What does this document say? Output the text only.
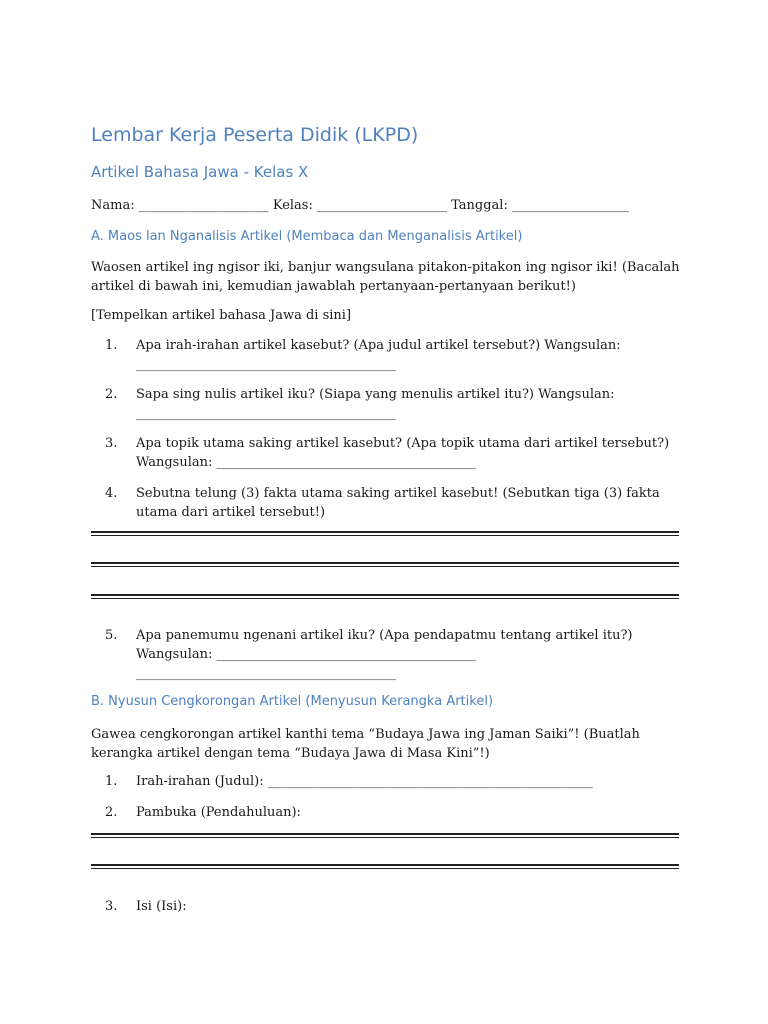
Lembar Kerja Peserta Didik (LKPD)
Artikel Bahasa Jawa - Kelas X

Nama: ____________________ Kelas: ____________________ Tanggal: __________________

A. Maos lan Nganalisis Artikel (Membaca dan Menganalisis Artikel)

Waosen artikel ing ngisor iki, banjur wangsulana pitakon-pitakon ing ngisor iki! (Bacalah
artikel di bawah ini, kemudian jawablah pertanyaan-pertanyaan berikut!)

[Tempelkan artikel bahasa Jawa di sini]

1. Apa irah-irahan artikel kasebut? (Apa judul artikel tersebut?) Wangsulan:
________________________________________
2. Sapa sing nulis artikel iku? (Siapa yang menulis artikel itu?) Wangsulan:
________________________________________
3. Apa topik utama saking artikel kasebut? (Apa topik utama dari artikel tersebut?)
Wangsulan: ________________________________________
4. Sebutna telung (3) fakta utama saking artikel kasebut! (Sebutkan tiga (3) fakta
utama dari artikel tersebut!)
5. Apa panemumu ngenani artikel iku? (Apa pendapatmu tentang artikel itu?)
Wangsulan: ________________________________________
________________________________________
B. Nyusun Cengkorongan Artikel (Menyusun Kerangka Artikel)

Gawea cengkorongan artikel kanthi tema “Budaya Jawa ing Jaman Saiki”! (Buatlah
kerangka artikel dengan tema “Budaya Jawa di Masa Kini”!)

1. Irah-irahan (Judul): __________________________________________________
2. Pambuka (Pendahuluan):
3. Isi (Isi):
